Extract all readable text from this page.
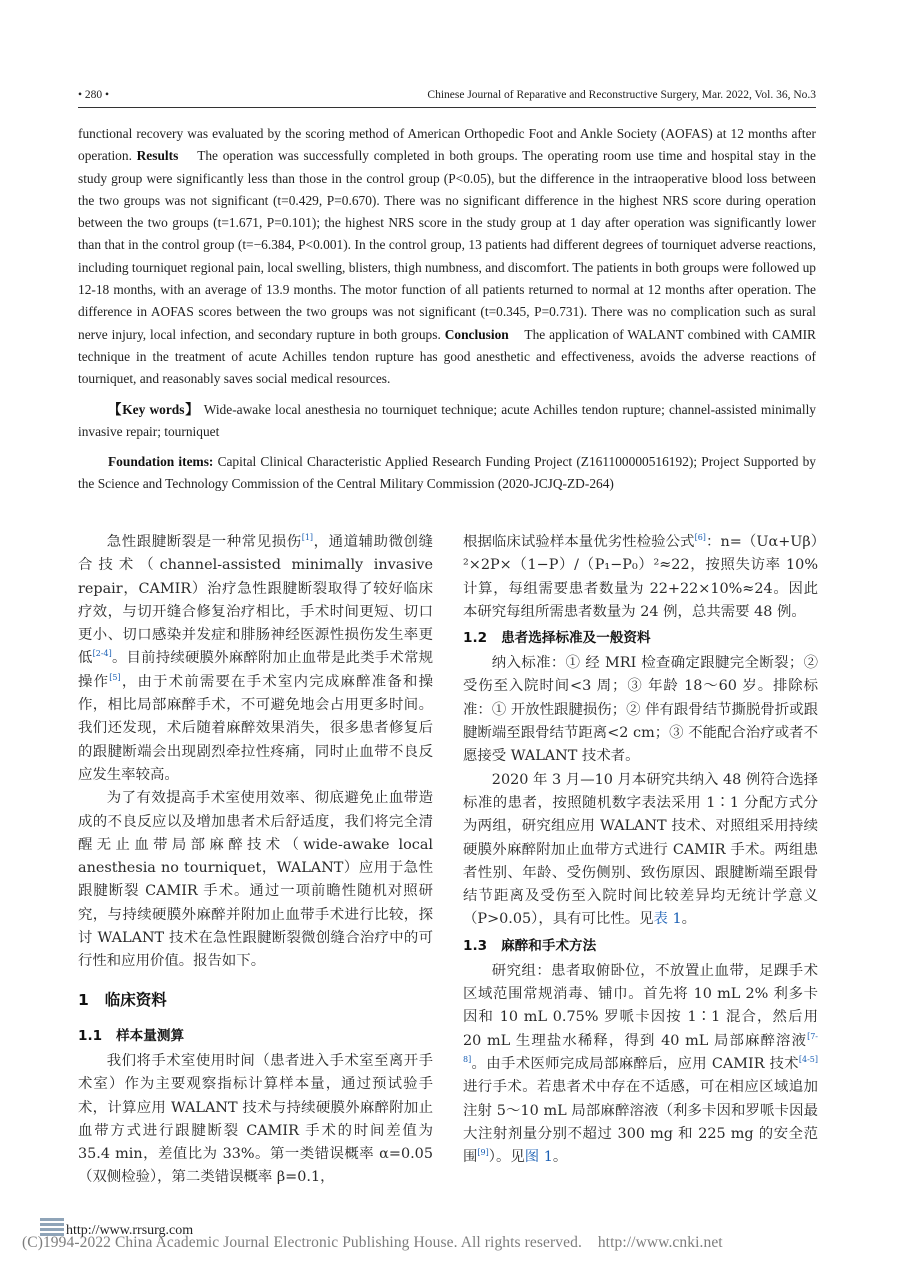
• 280 •	Chinese Journal of Reparative and Reconstructive Surgery, Mar. 2022, Vol. 36, No.3

functional recovery was evaluated by the scoring method of American Orthopedic Foot and Ankle Society (AOFAS) at 12 months after operation. Results The operation was successfully completed in both groups. The operating room use time and hospital stay in the study group were significantly less than those in the control group (P<0.05), but the difference in the intraoperative blood loss between the two groups was not significant (t=0.429, P=0.670). There was no significant difference in the highest NRS score during operation between the two groups (t=1.671, P=0.101); the highest NRS score in the study group at 1 day after operation was significantly lower than that in the control group (t=−6.384, P<0.001). In the control group, 13 patients had different degrees of tourniquet adverse reactions, including tourniquet regional pain, local swelling, blisters, thigh numbness, and discomfort. The patients in both groups were followed up 12-18 months, with an average of 13.9 months. The motor function of all patients returned to normal at 12 months after operation. The difference in AOFAS scores between the two groups was not significant (t=0.345, P=0.731). There was no complication such as sural nerve injury, local infection, and secondary rupture in both groups. Conclusion The application of WALANT combined with CAMIR technique in the treatment of acute Achilles tendon rupture has good anesthetic and effectiveness, avoids the adverse reactions of tourniquet, and reasonably saves social medical resources.

【Key words】 Wide-awake local anesthesia no tourniquet technique; acute Achilles tendon rupture; channel-assisted minimally invasive repair; tourniquet

Foundation items: Capital Clinical Characteristic Applied Research Funding Project (Z161100000516192); Project Supported by the Science and Technology Commission of the Central Military Commission (2020-JCJQ-ZD-264)

急性跟腱断裂是一种常见损伤[1]，通道辅助微创缝合技术（channel-assisted minimally invasive repair，CAMIR）治疗急性跟腱断裂取得了较好临床疗效，与切开缝合修复治疗相比，手术时间更短、切口更小、切口感染并发症和腓肠神经医源性损伤发生率更低[2-4]。目前持续硬膜外麻醉附加止血带是此类手术常规操作[5]，由于术前需要在手术室内完成麻醉准备和操作，相比局部麻醉手术，不可避免地会占用更多时间。我们还发现，术后随着麻醉效果消失，很多患者修复后的跟腱断端会出现剧烈牵拉性疼痛，同时止血带不良反应发生率较高。

为了有效提高手术室使用效率、彻底避免止血带造成的不良反应以及增加患者术后舒适度，我们将完全清醒无止血带局部麻醉技术（wide-awake local anesthesia no tourniquet，WALANT）应用于急性跟腱断裂 CAMIR 手术。通过一项前瞻性随机对照研究，与持续硬膜外麻醉并附加止血带手术进行比较，探讨 WALANT 技术在急性跟腱断裂微创缝合治疗中的可行性和应用价值。报告如下。

1 临床资料
1.1 样本量测算

我们将手术室使用时间（患者进入手术室至离开手术室）作为主要观察指标计算样本量，通过预试验手术，计算应用 WALANT 技术与持续硬膜外麻醉附加止血带方式进行跟腱断裂 CAMIR 手术的时间差值为 35.4 min，差值比为 33%。第一类错误概率 α=0.05（双侧检验），第二类错误概率 β=0.1，

根据临床试验样本量优劣性检验公式[6]：n=（Uα+Uβ）²×2P×（1−P）/（P₁−P₀）²≈22，按照失访率 10% 计算，每组需要患者数量为 22+22×10%≈24。因此本研究每组所需患者数量为 24 例，总共需要 48 例。

1.2 患者选择标准及一般资料

纳入标准：① 经 MRI 检查确定跟腱完全断裂；② 受伤至入院时间<3 周；③ 年龄 18～60 岁。排除标准：① 开放性跟腱损伤；② 伴有跟骨结节撕脱骨折或跟腱断端至跟骨结节距离<2 cm；③ 不能配合治疗或者不愿接受 WALANT 技术者。

2020 年 3 月—10 月本研究共纳入 48 例符合选择标准的患者，按照随机数字表法采用 1∶1 分配方式分为两组，研究组应用 WALANT 技术、对照组采用持续硬膜外麻醉附加止血带方式进行 CAMIR 手术。两组患者性别、年龄、受伤侧别、致伤原因、跟腱断端至跟骨结节距离及受伤至入院时间比较差异均无统计学意义（P>0.05），具有可比性。见表 1。

1.3 麻醉和手术方法

研究组：患者取俯卧位，不放置止血带，足踝手术区域范围常规消毒、铺巾。首先将 10 mL 2% 利多卡因和 10 mL 0.75% 罗哌卡因按 1∶1 混合，然后用 20 mL 生理盐水稀释，得到 40 mL 局部麻醉溶液[7-8]。由手术医师完成局部麻醉后，应用 CAMIR 技术[4-5]进行手术。若患者术中存在不适感，可在相应区域追加注射 5～10 mL 局部麻醉溶液（利多卡因和罗哌卡因最大注射剂量分别不超过 300 mg 和 225 mg 的安全范围[9]）。见图 1。

http://www.rrsurg.com
(C)1994-2022 China Academic Journal Electronic Publishing House. All rights reserved.    http://www.cnki.net
